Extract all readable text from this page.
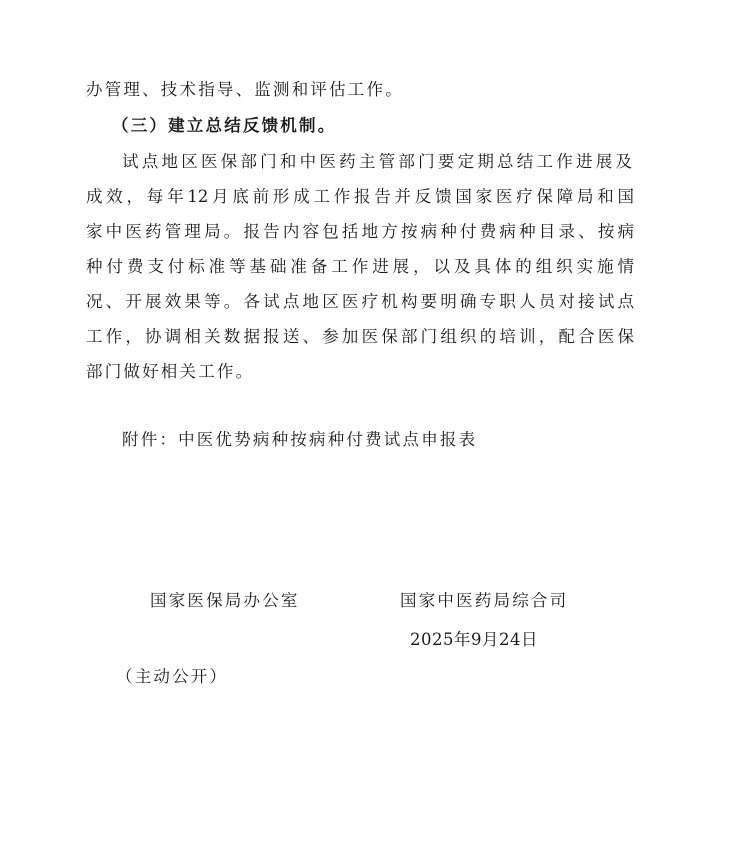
办管理、技术指导、监测和评估工作。
（三）建立总结反馈机制。
试点地区医保部门和中医药主管部门要定期总结工作进展及
成效，每年12月底前形成工作报告并反馈国家医疗保障局和国
家中医药管理局。报告内容包括地方按病种付费病种目录、按病
种付费支付标准等基础准备工作进展，以及具体的组织实施情
况、开展效果等。各试点地区医疗机构要明确专职人员对接试点
工作，协调相关数据报送、参加医保部门组织的培训，配合医保
部门做好相关工作。
附件：中医优势病种按病种付费试点申报表
国家医保局办公室	国家中医药局综合司
2025年9月24日
（主动公开）
